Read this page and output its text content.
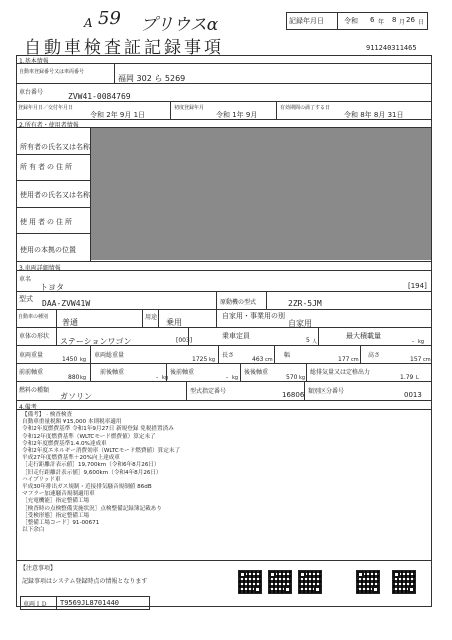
A 59 プリウスα	記録年月日	令和 6 年 8 月 26 日
自動車検査証記録事項	911240311465
1.基本情報
自動車登録番号又は車両番号
福岡 302 ら 5269
車台番号	ZVW41-0084769
登録年月日／交付年月日
令和 2年 9月 1日
初度登録年月
令和 1年 9月
有効期間の満了する日
令和 8年 8月 31日
2.所有者・使用者情報
所有者の氏名又は名称
所有者の住所
使用者の氏名又は名称
使用者の住所
使用の本拠の位置
3.車両詳細情報
車名
トヨタ	[194]
型式 DAA-ZVW41W	原動機の型式	2ZR-5JM
自動車の種別
普通
用途
乗用
自家用・事業用の別
自家用
車体の形状
ステーションワゴン	[003]
乗車定員
5 人
最大積載量
- kg
車両重量
1450 kg
車両総重量
1725 kg
長さ
463 cm
幅
177 cm
高さ
157 cm
前前軸重
880 kg
前後軸重
- kg
後前軸重
- kg
後後軸重
570 kg
総排気量又は定格出力
1.79 L
燃料の種類
ガソリン
型式指定番号	16806 類別区分番号	0013
4.備考
【備考】 · 検査検査
自動車重量税額 ¥15,000 本則税率適用
令和2年度燃費基準 令和1年9月27日 新規登録 免税措置済み
令和12年度燃費基準（WLTCモード燃費値）算定未了
令和2年度燃費基準1.4.0%達成車
令和2年度エネルギー消費効率（WLTCモード燃費値）算定未了
平成27年度燃費基準＋20%向上達成車
［走行距離計表示値］19,700km（令和6年8月26日）
［旧走行距離計表示値］9,600km（令和4年8月26日）
ハイブリッド車
平成30年排出ガス規制・近接排気騒音規制値 86dB
マフラー加速騒音規制適用車
［充電機能］指定整備工場
［検査時の点検整備実施状況］点検整備記録簿記載あり
［受検形態］指定整備工場
［整備工場コード］91-00671
以下余白
【注意事項】
記録事項はシステム登録時点の情報となります
車両ＩＤ T9569JL8701440
